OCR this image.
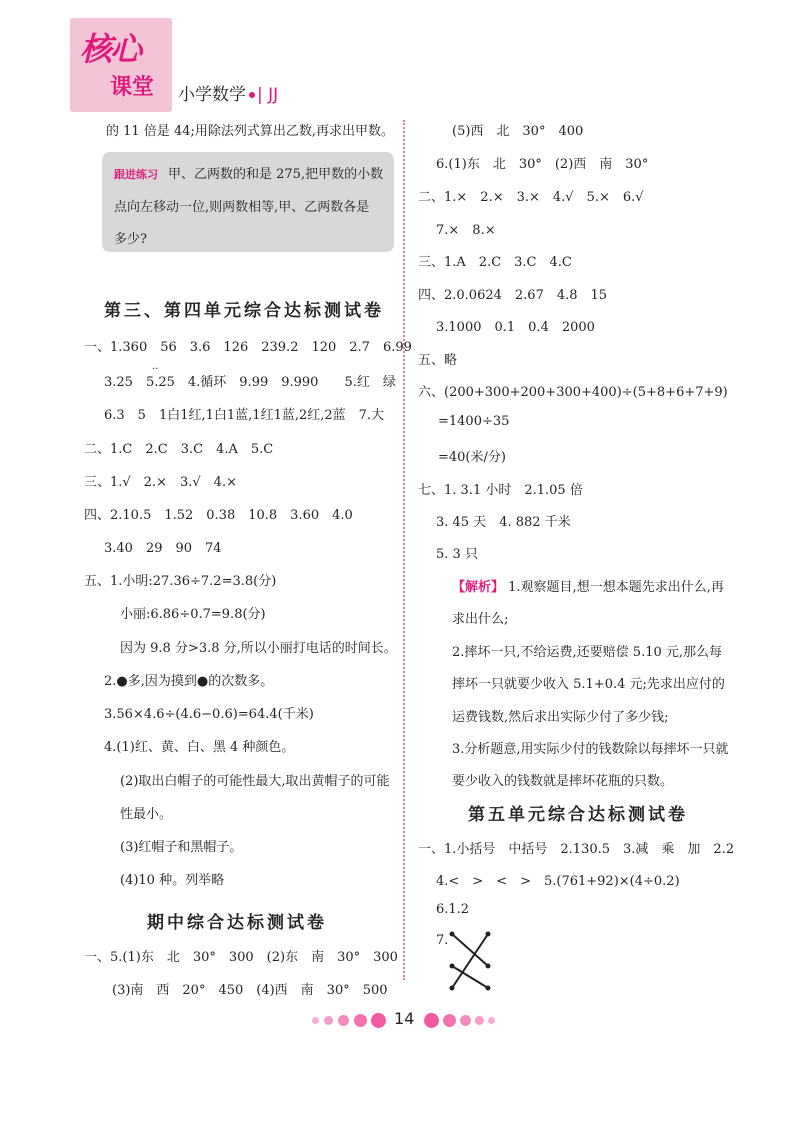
核心
课堂 小学数学 | JJ
的 11 倍是 44;用除法列式算出乙数,再求出甲数。
跟进练习 甲、乙两数的和是 275,把甲数的小数
点向左移动一位,则两数相等,甲、乙两数各是
多少?
第三、第四单元综合达标测试卷
一、1.360　56　3.6　126　239.2　120　2.7　6.99
..
3.25　5.25　4.循环　9.99　9.990　　5.红　绿
6.3　5　1白1红,1白1蓝,1红1蓝,2红,2蓝　7.大
二、1.C　2.C　3.C　4.A　5.C
三、1.√　2.×　3.√　4.×
四、2.10.5　1.52　0.38　10.8　3.60　4.0
3.40　29　90　74
五、1.小明:27.36÷7.2=3.8(分)
小丽:6.86÷0.7=9.8(分)
因为 9.8 分>3.8 分,所以小丽打电话的时间长。
2.●多,因为摸到●的次数多。
3.56×4.6÷(4.6−0.6)=64.4(千米)
4.(1)红、黄、白、黑 4 种颜色。
(2)取出白帽子的可能性最大,取出黄帽子的可能
性最小。
(3)红帽子和黑帽子。
(4)10 种。列举略
期中综合达标测试卷
一、5.(1)东　北　30°　300　(2)东　南　30°　300
(3)南　西　20°　450　(4)西　南　30°　500
(5)西　北　30°　400
6.(1)东　北　30°　(2)西　南　30°
二、1.×　2.×　3.×　4.√　5.×　6.√
7.×　8.×
三、1.A　2.C　3.C　4.C
四、2.0.0624　2.67　4.8　15
3.1000　0.1　0.4　2000
五、略
六、(200+300+200+300+400)÷(5+8+6+7+9)
=1400÷35
=40(米/分)
七、1. 3.1 小时　2.1.05 倍
3. 45 天　4. 882 千米
5. 3 只
【解析】 1.观察题目,想一想本题先求出什么,再
求出什么;
2.摔坏一只,不给运费,还要赔偿 5.10 元,那么每
摔坏一只就要少收入 5.1+0.4 元;先求出应付的
运费钱数,然后求出实际少付了多少钱;
3.分析题意,用实际少付的钱数除以每摔坏一只就
要少收入的钱数就是摔坏花瓶的只数。
第五单元综合达标测试卷
一、1.小括号　中括号　2.130.5　3.减　乘　加　2.2
4.<　>　<　>　5.(761+92)×(4÷0.2)
6.1.2
7.
14
